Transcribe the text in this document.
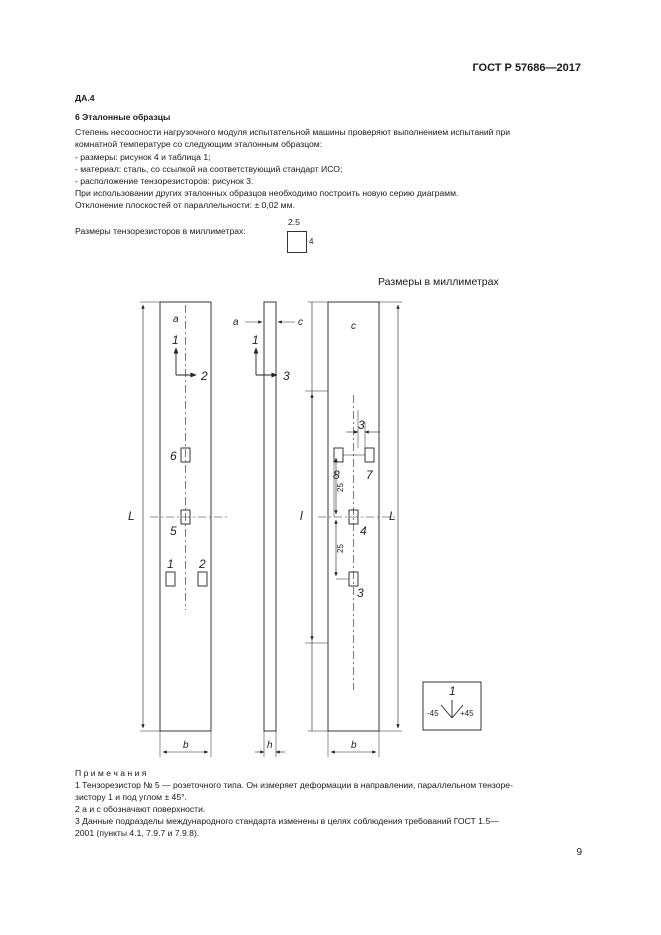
ГОСТ Р 57686—2017
ДА.4
6 Эталонные образцы
Степень несоосности нагрузочного модуля испытательной машины проверяют выполнением испытаний при
комнатной температуре со следующим эталонным образцом:
- размеры: рисунок 4 и таблица 1;
- материал: сталь, со ссылкой на соответствующий стандарт ИСО;
- расположение тензорезисторов: рисунок 3.
При использовании других эталонных образцов необходимо построить новую серию диаграмм.
Отклонение плоскостей от параллельности: ± 0,02 мм.
Размеры тензорезисторов в миллиметрах:
2.5
4
Размеры в миллиметрах
a
1
2
6
5
1 2
L
b
a	c
1
3
h
c
3
8 7
4
3
25
25
l	L
b
1
-45	+45
П р и м е ч а н и я
1 Тензорезистор № 5 — розеточного типа. Он измеряет деформации в направлении, параллельном тензоре-
зистору 1 и под углом ± 45°.
2 a и c обозначают поверхности.
3 Данные подразделы международного стандарта изменены в целях соблюдения требований ГОСТ 1.5—
2001 (пункты 4.1, 7.9.7 и 7.9.8).
9
